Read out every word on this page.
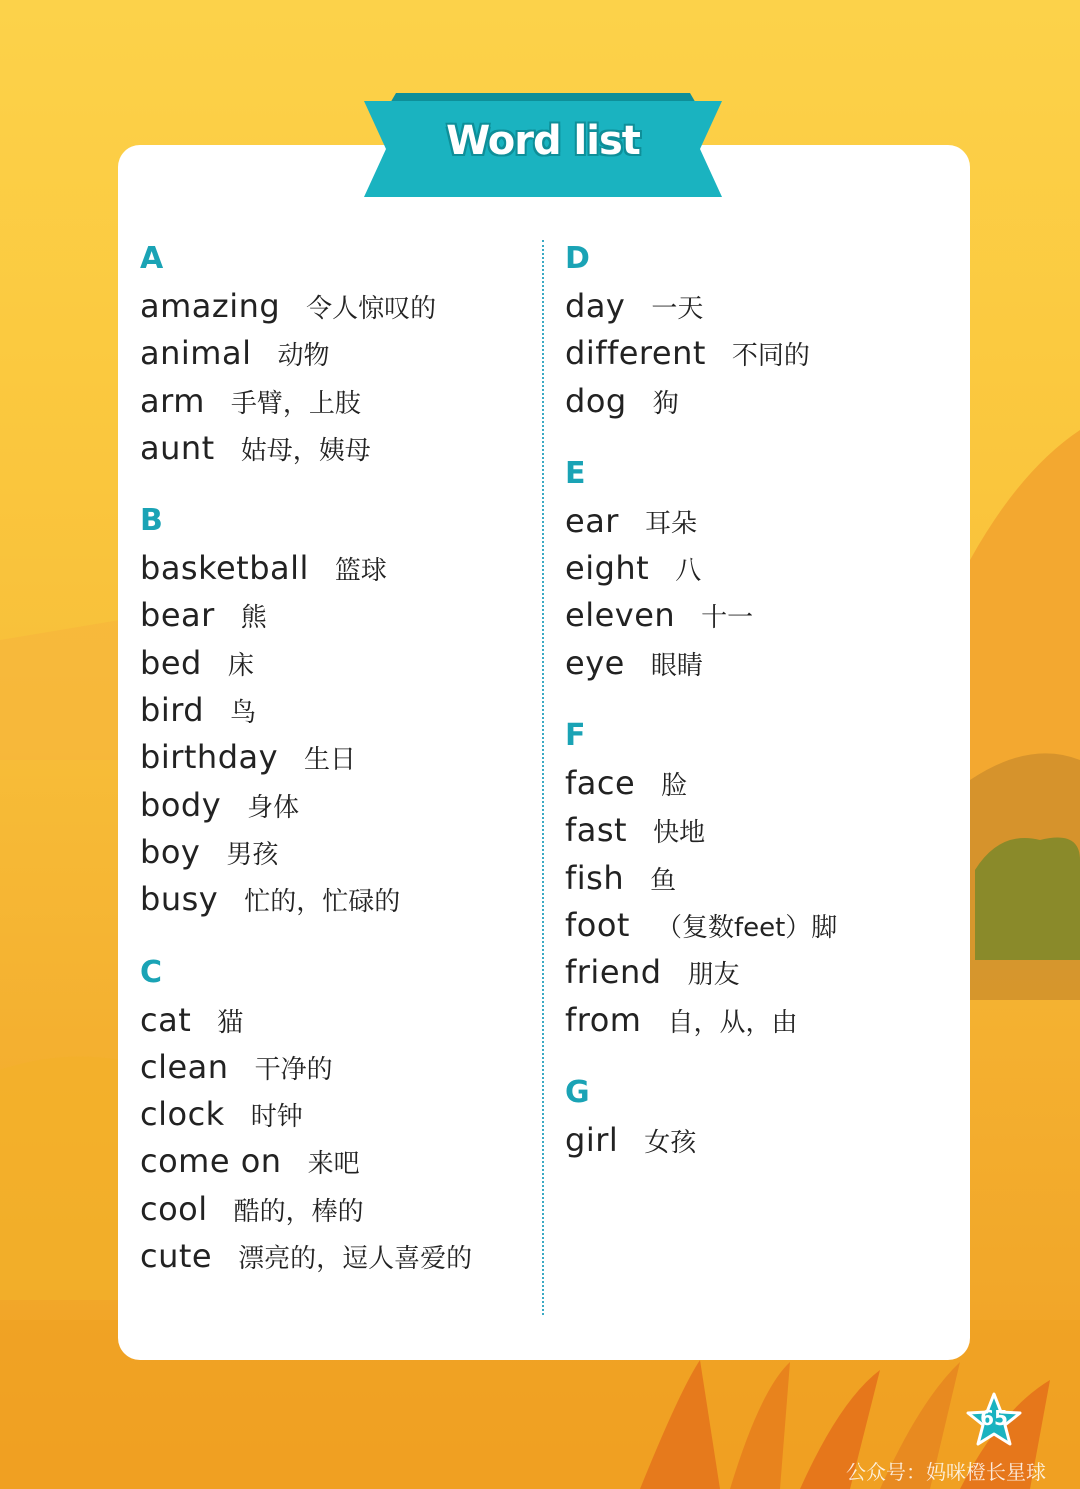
Word list
A
amazing 令人惊叹的
animal 动物
arm 手臂，上肢
aunt 姑母，姨母
B
basketball 篮球
bear 熊
bed 床
bird 鸟
birthday 生日
body 身体
boy 男孩
busy 忙的，忙碌的
C
cat 猫
clean 干净的
clock 时钟
come on 来吧
cool 酷的，棒的
cute 漂亮的，逗人喜爱的
D
day 一天
different 不同的
dog 狗
E
ear 耳朵
eight 八
eleven 十一
eye 眼睛
F
face 脸
fast 快地
fish 鱼
foot （复数feet）脚
friend 朋友
from 自，从，由
G
girl 女孩
65
公众号：妈咪橙长星球
